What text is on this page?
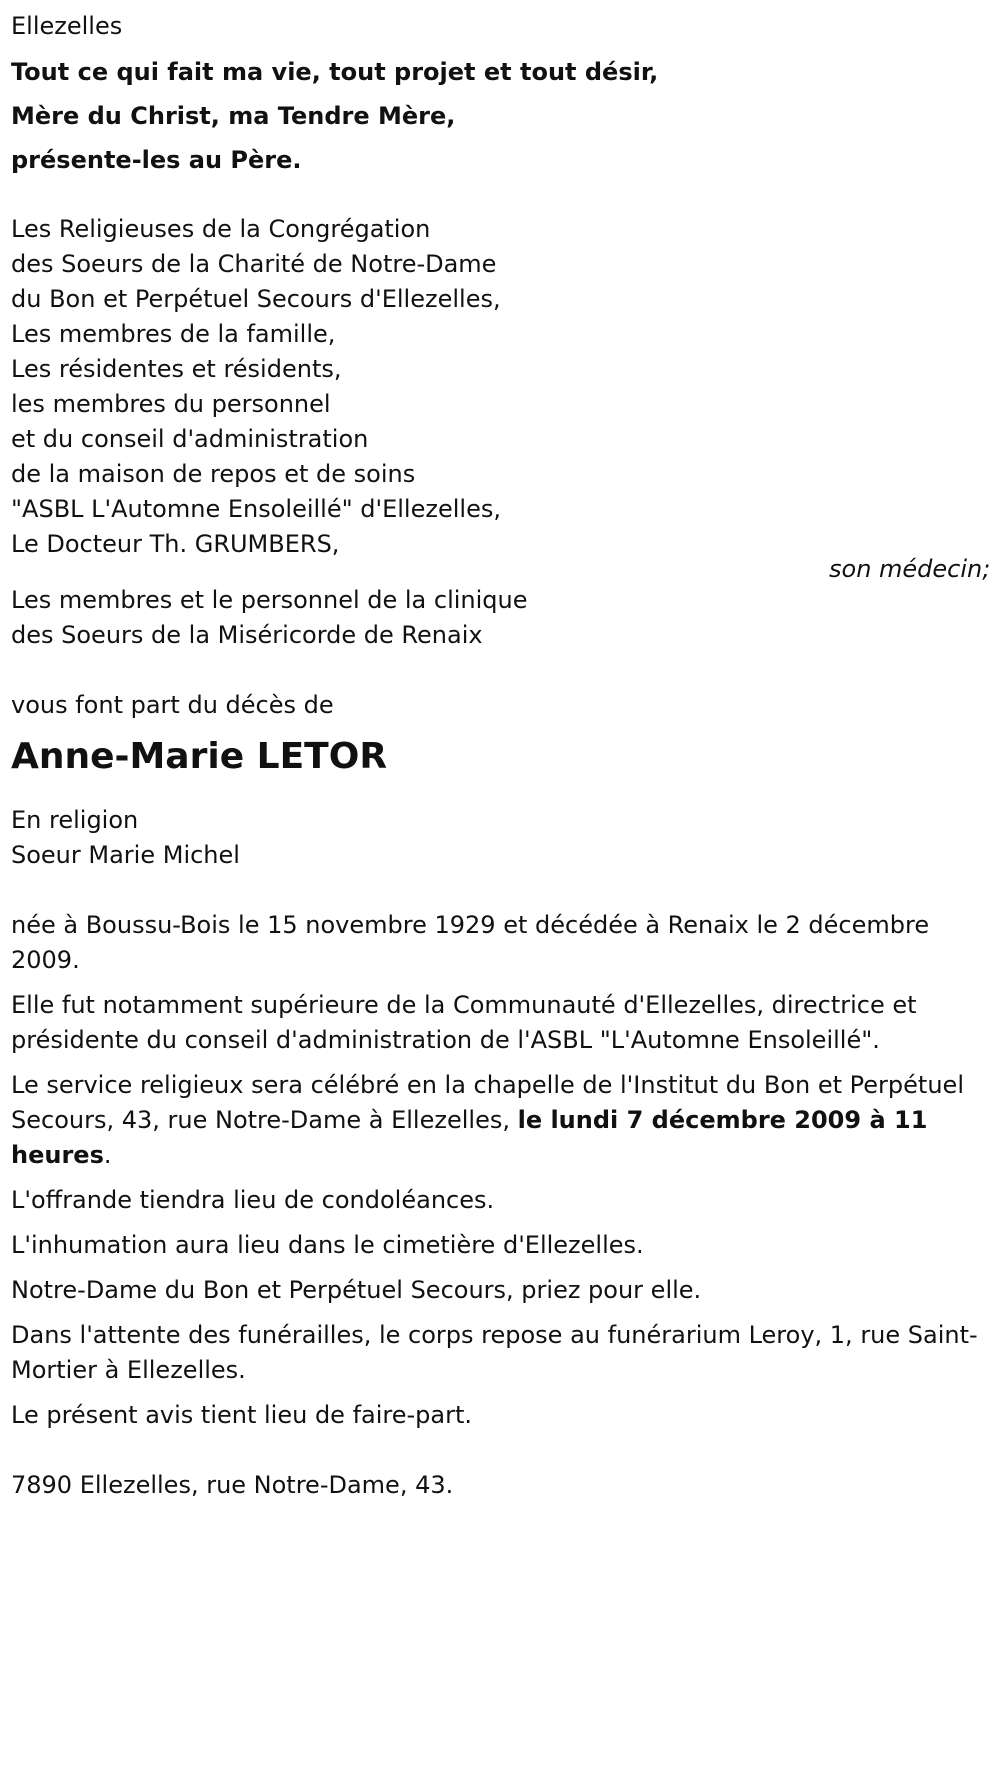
Ellezelles
Tout ce qui fait ma vie, tout projet et tout désir,
Mère du Christ, ma Tendre Mère,
présente-les au Père.
Les Religieuses de la Congrégation
des Soeurs de la Charité de Notre-Dame
du Bon et Perpétuel Secours d'Ellezelles,
Les membres de la famille,
Les résidentes et résidents,
les membres du personnel
et du conseil d'administration
de la maison de repos et de soins
"ASBL L'Automne Ensoleillé" d'Ellezelles,
Le Docteur Th. GRUMBERS,
son médecin;
Les membres et le personnel de la clinique
des Soeurs de la Miséricorde de Renaix
vous font part du décès de
Anne-Marie LETOR
En religion
Soeur Marie Michel
née à Boussu-Bois le 15 novembre 1929 et décédée à Renaix le 2 décembre 2009.
Elle fut notamment supérieure de la Communauté d'Ellezelles, directrice et présidente du conseil d'administration de l'ASBL "L'Automne Ensoleillé".
Le service religieux sera célébré en la chapelle de l'Institut du Bon et Perpétuel Secours, 43, rue Notre-Dame à Ellezelles, le lundi 7 décembre 2009 à 11 heures.
L'offrande tiendra lieu de condoléances.
L'inhumation aura lieu dans le cimetière d'Ellezelles.
Notre-Dame du Bon et Perpétuel Secours, priez pour elle.
Dans l'attente des funérailles, le corps repose au funérarium Leroy, 1, rue Saint-Mortier à Ellezelles.
Le présent avis tient lieu de faire-part.
7890 Ellezelles, rue Notre-Dame, 43.
